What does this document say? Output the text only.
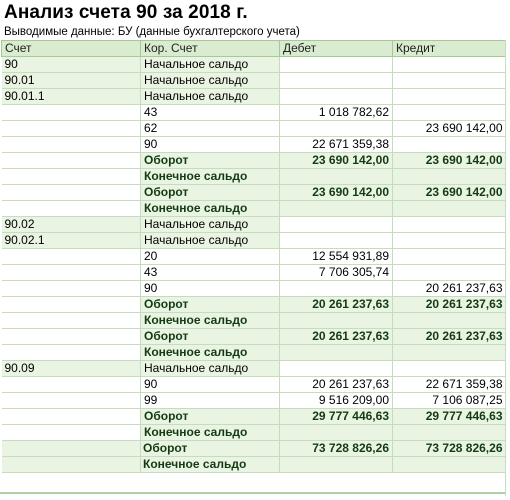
Анализ счета 90 за 2018 г.
Выводимые данные: БУ (данные бухгалтерского учета)
Счет	Кор. Счет	Дебет	Кредит
90	Начальное сальдо		
90.01	Начальное сальдо		
90.01.1	Начальное сальдо		
	43	1 018 782,62	
	62		23 690 142,00
	90	22 671 359,38	
	Оборот	23 690 142,00	23 690 142,00
	Конечное сальдо		
	Оборот	23 690 142,00	23 690 142,00
	Конечное сальдо		
90.02	Начальное сальдо		
90.02.1	Начальное сальдо		
	20	12 554 931,89	
	43	7 706 305,74	
	90		20 261 237,63
	Оборот	20 261 237,63	20 261 237,63
	Конечное сальдо		
	Оборот	20 261 237,63	20 261 237,63
	Конечное сальдо		
90.09	Начальное сальдо		
	90	20 261 237,63	22 671 359,38
	99	9 516 209,00	7 106 087,25
	Оборот	29 777 446,63	29 777 446,63
	Конечное сальдо		
	Оборот	73 728 826,26	73 728 826,26
	Конечное сальдо		
